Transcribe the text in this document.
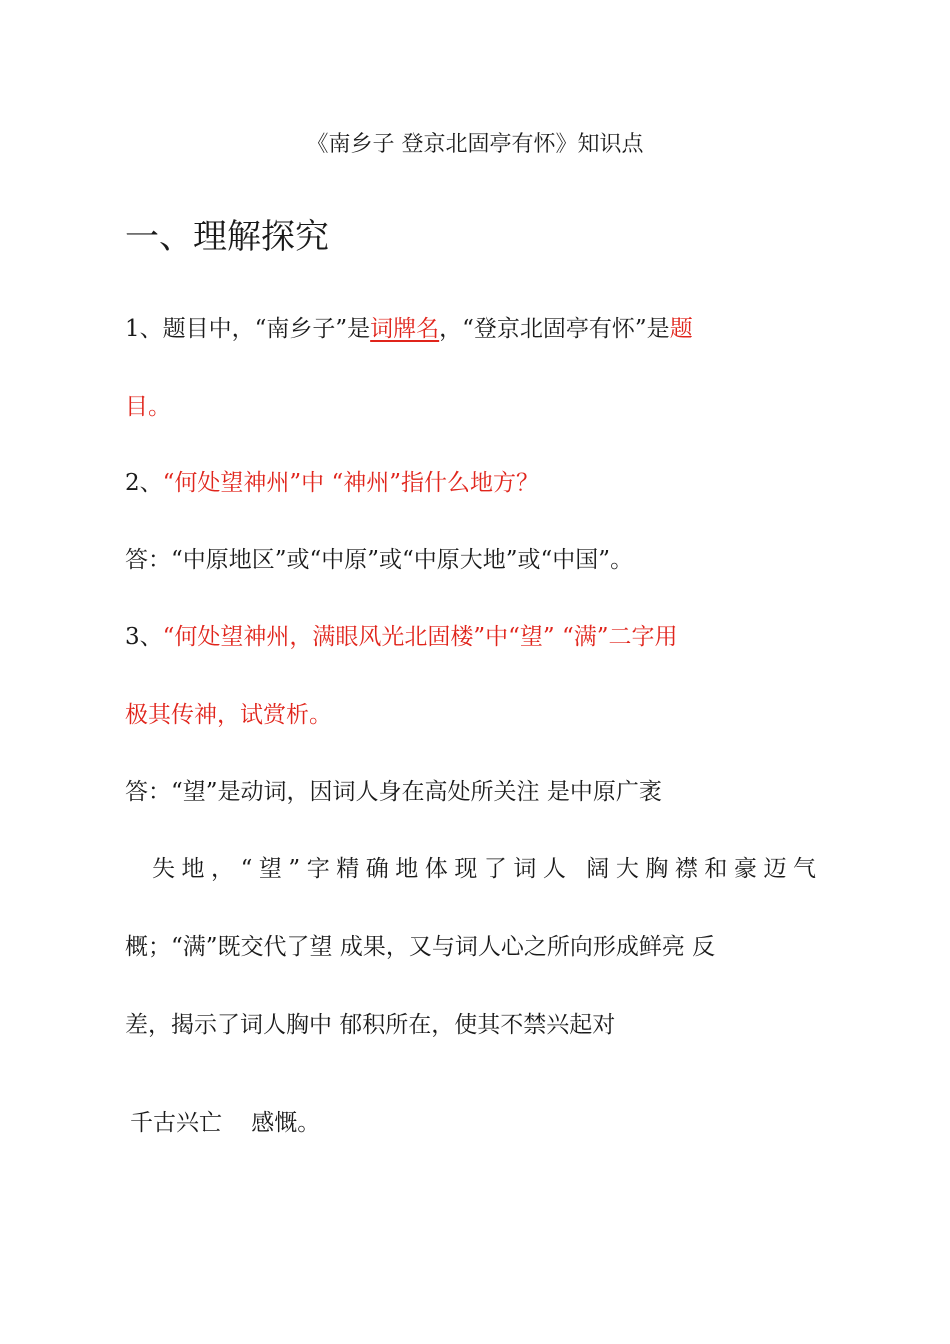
《南乡子 登京北固亭有怀》知识点
一、理解探究
1、题目中，“南乡子”是词牌名，“登京北固亭有怀”是题
目。
2、“何处望神州”中 “神州”指什么地方？
答：“中原地区”或“中原”或“中原大地”或“中国”。
3、“何处望神州，满眼风光北固楼”中“望” “满”二字用
极其传神，试赏析。
答：“望”是动词，因词人身在高处所关注 是中原广袤
失地，“望”字精确地体现了词人 阔大胸襟和豪迈气
概；“满”既交代了望 成果，又与词人心之所向形成鲜亮 反
差，揭示了词人胸中 郁积所在，使其不禁兴起对
千古兴亡    感慨。
